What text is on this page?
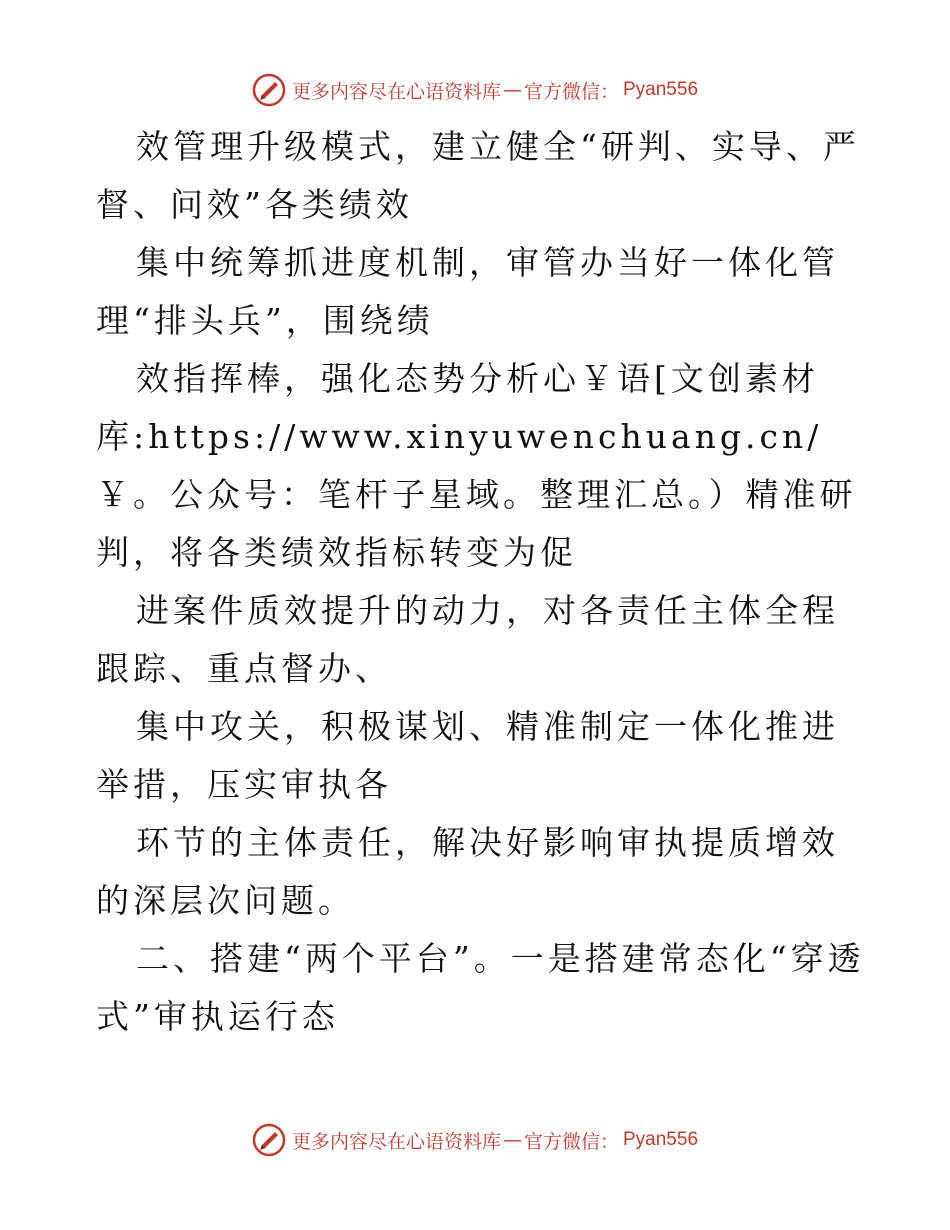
更多内容尽在心语资料库 — 官方微信： Pyan556

效管理升级模式，建立健全“研判、实导、严督、问效”各类绩效

集中统筹抓进度机制，审管办当好一体化管理“排头兵”，围绕绩

效指挥棒，强化态势分析心￥语[文创素材库:https://www.xinyuwenchuang.cn/￥。公众号：笔杆子星域。整理汇总。）精准研判，将各类绩效指标转变为促

进案件质效提升的动力，对各责任主体全程跟踪、重点督办、

集中攻关，积极谋划、精准制定一体化推进举措，压实审执各

环节的主体责任，解决好影响审执提质增效的深层次问题。

二、搭建“两个平台”。一是搭建常态化“穿透式”审执运行态

更多内容尽在心语资料库 — 官方微信： Pyan556
